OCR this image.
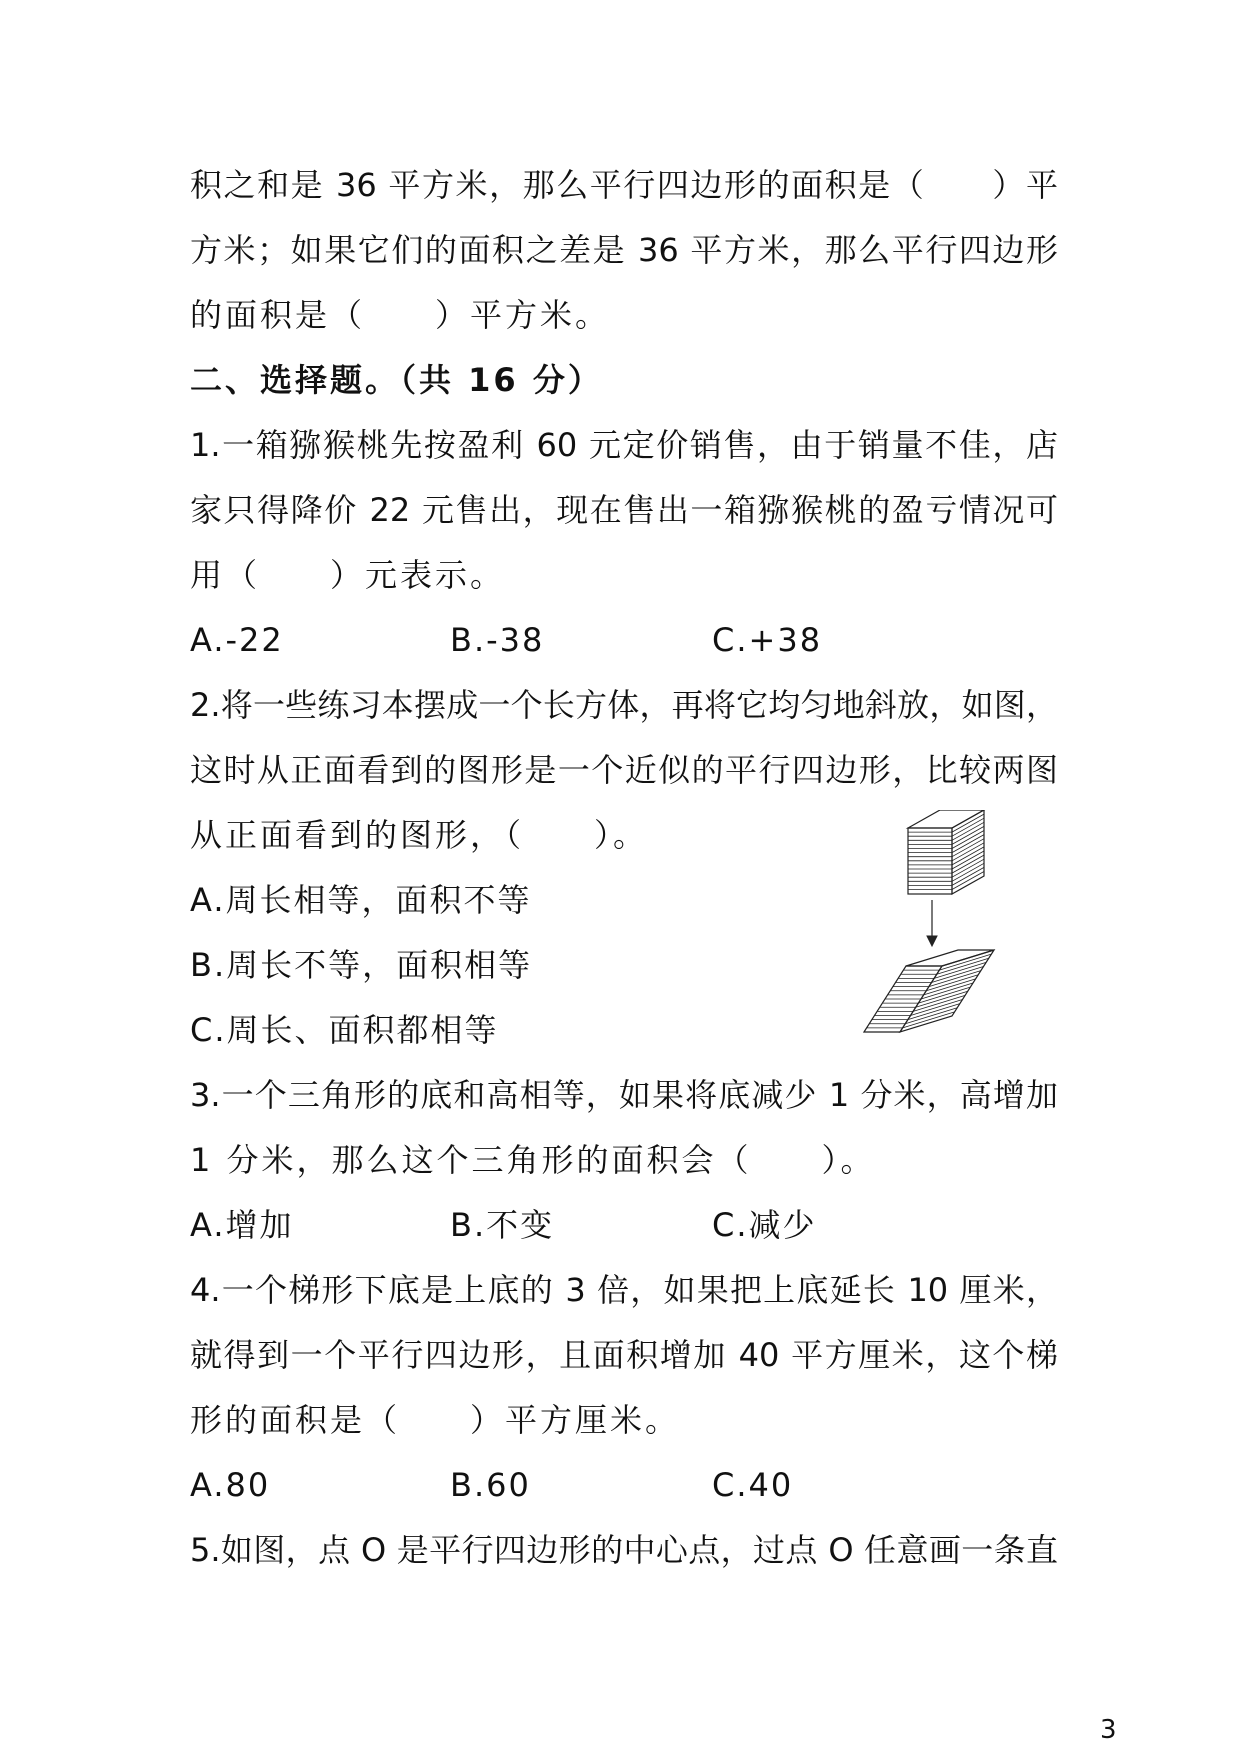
积之和是 36 平方米，那么平行四边形的面积是（　　）平
方米；如果它们的面积之差是 36 平方米，那么平行四边形
的面积是（　　）平方米。
二、选择题。（共 16 分）
1.一箱猕猴桃先按盈利 60 元定价销售，由于销量不佳，店
家只得降价 22 元售出，现在售出一箱猕猴桃的盈亏情况可
用（　　）元表示。
A.-22	B.-38	C.+38
2.将一些练习本摆成一个长方体，再将它均匀地斜放，如图，
这时从正面看到的图形是一个近似的平行四边形，比较两图
从正面看到的图形，（　　）。
A.周长相等，面积不等
B.周长不等，面积相等
C.周长、面积都相等
3.一个三角形的底和高相等，如果将底减少 1 分米，高增加
1 分米，那么这个三角形的面积会（　　）。
A.增加	B.不变	C.减少
4.一个梯形下底是上底的 3 倍，如果把上底延长 10 厘米，
就得到一个平行四边形，且面积增加 40 平方厘米，这个梯
形的面积是（　　）平方厘米。
A.80	B.60	C.40
5.如图，点 O 是平行四边形的中心点，过点 O 任意画一条直
3
